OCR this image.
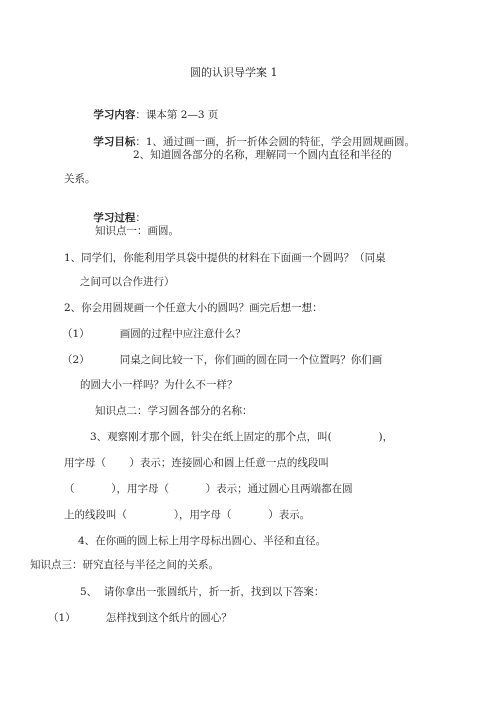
圆的认识导学案 1

学习内容：课本第 2—3 页

学习目标：1、通过画一画，折一折体会圆的特征，学会用圆规画圆。

2、知道圆各部分的名称，理解同一个圆内直径和半径的
关系。

学习过程：

知识点一：画圆。
1、同学们，你能利用学具袋中提供的材料在下面画一个圆吗？（同桌
之间可以合作进行）
2、你会用圆规画一个任意大小的圆吗？画完后想一想：
（1）         画圆的过程中应注意什么？
（2）         同桌之间比较一下，你们画的圆在同一个位置吗？你们画
的圆大小一样吗？为什么不一样？
知识点二：学习圆各部分的名称：
3、观察刚才那个圆，针尖在纸上固定的那个点，叫(              )，
用字母（       ）表示；连接圆心和圆上任意一点的线段叫
（           ），用字母（           ）表示；通过圆心且两端都在圆
上的线段叫（              ），用字母（           ）表示。
4、在你画的圆上标上用字母标出圆心、半径和直径。
知识点三：研究直径与半径之间的关系。
5、  请你拿出一张圆纸片，折一折，找到以下答案：
（1）         怎样找到这个纸片的圆心？
